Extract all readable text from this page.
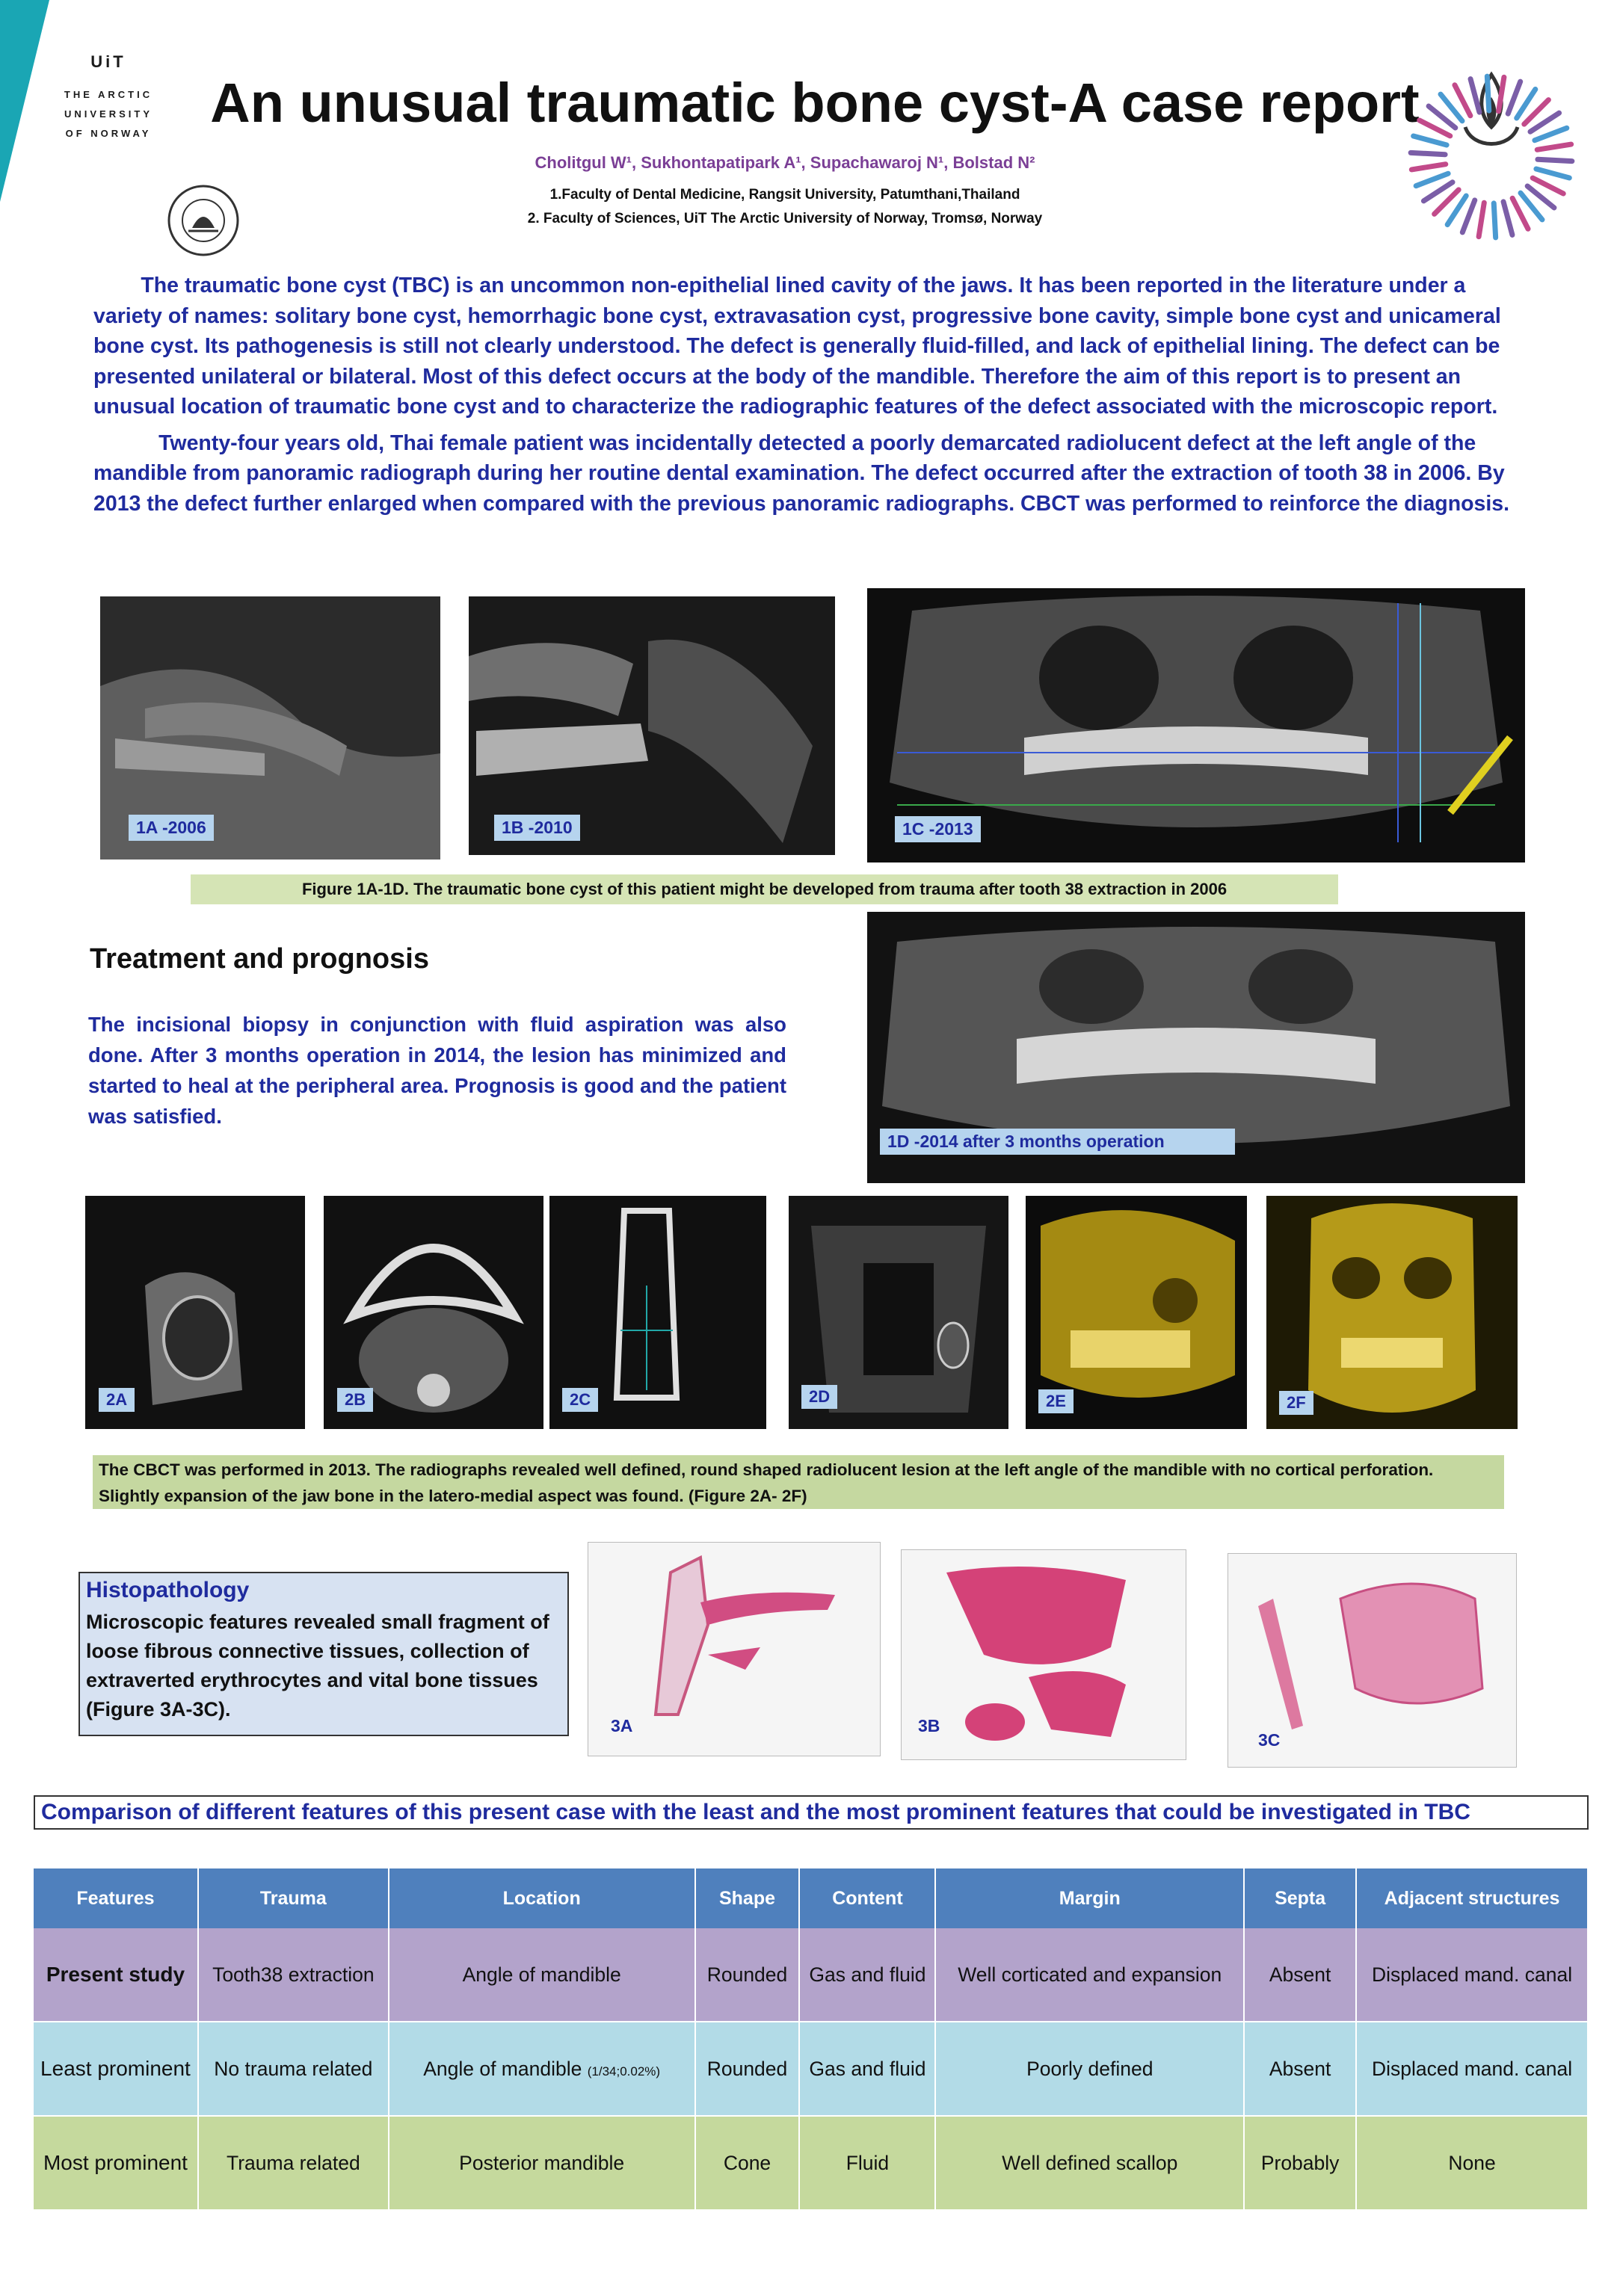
UiT
THE ARCTIC
UNIVERSITY
OF NORWAY	An unusual traumatic bone cyst-A case report
Cholitgul W¹, Sukhontapatipark A¹, Supachawaroj N¹, Bolstad N²
1.Faculty of Dental Medicine, Rangsit University, Patumthani,Thailand
2. Faculty of Sciences, UiT The Arctic University of Norway, Tromsø, Norway

The traumatic bone cyst (TBC) is an uncommon non-epithelial lined cavity of the jaws. It has been reported in the literature under a variety of names: solitary bone cyst, hemorrhagic bone cyst, extravasation cyst, progressive bone cavity, simple bone cyst and unicameral bone cyst. Its pathogenesis is still not clearly understood. The defect is generally fluid-filled, and lack of epithelial lining. The defect can be presented unilateral or bilateral. Most of this defect occurs at the body of the mandible. Therefore the aim of this report is to present an unusual location of traumatic bone cyst and to characterize the radiographic features of the defect associated with the microscopic report.

Twenty-four years old, Thai female patient was incidentally detected a poorly demarcated radiolucent defect at the left angle of the mandible from panoramic radiograph during her routine dental examination. The defect occurred after the extraction of tooth 38 in 2006. By 2013 the defect further enlarged when compared with the previous panoramic radiographs. CBCT was performed to reinforce the diagnosis.

1A -2006	1B -2010	1C -2013
Figure 1A-1D. The traumatic bone cyst of this patient might be developed from trauma after tooth 38 extraction in 2006
Treatment and prognosis
The incisional biopsy in conjunction with fluid aspiration was also done. After 3 months operation in 2014, the lesion has minimized and started to heal at the peripheral area. Prognosis is good and the patient was satisfied.
1D -2014 after 3 months operation
2A	2B	2C	2D	2E	2F
The CBCT was performed in 2013. The radiographs revealed well defined, round shaped radiolucent lesion at the left angle of the mandible with no cortical perforation. Slightly expansion of the jaw bone in the latero-medial aspect was found. (Figure 2A- 2F)
Histopathology
Microscopic features revealed small fragment of loose fibrous connective tissues, collection of extraverted erythrocytes and vital bone tissues (Figure 3A-3C).
3A	3B
3C
Comparison of different features of this present case with the least and the most prominent features that could be investigated in TBC
Features	Trauma	Location	Shape	Content	Margin	Septa	Adjacent structures
Present study	Tooth38 extraction	Angle of mandible	Rounded	Gas and fluid	Well corticated and expansion	Absent	Displaced mand. canal
Least prominent	No trauma related	Angle of mandible (1/34;0.02%)	Rounded	Gas and fluid	Poorly defined	Absent	Displaced mand. canal
Most prominent	Trauma related	Posterior mandible	Cone	Fluid	Well defined scallop	Probably	None
